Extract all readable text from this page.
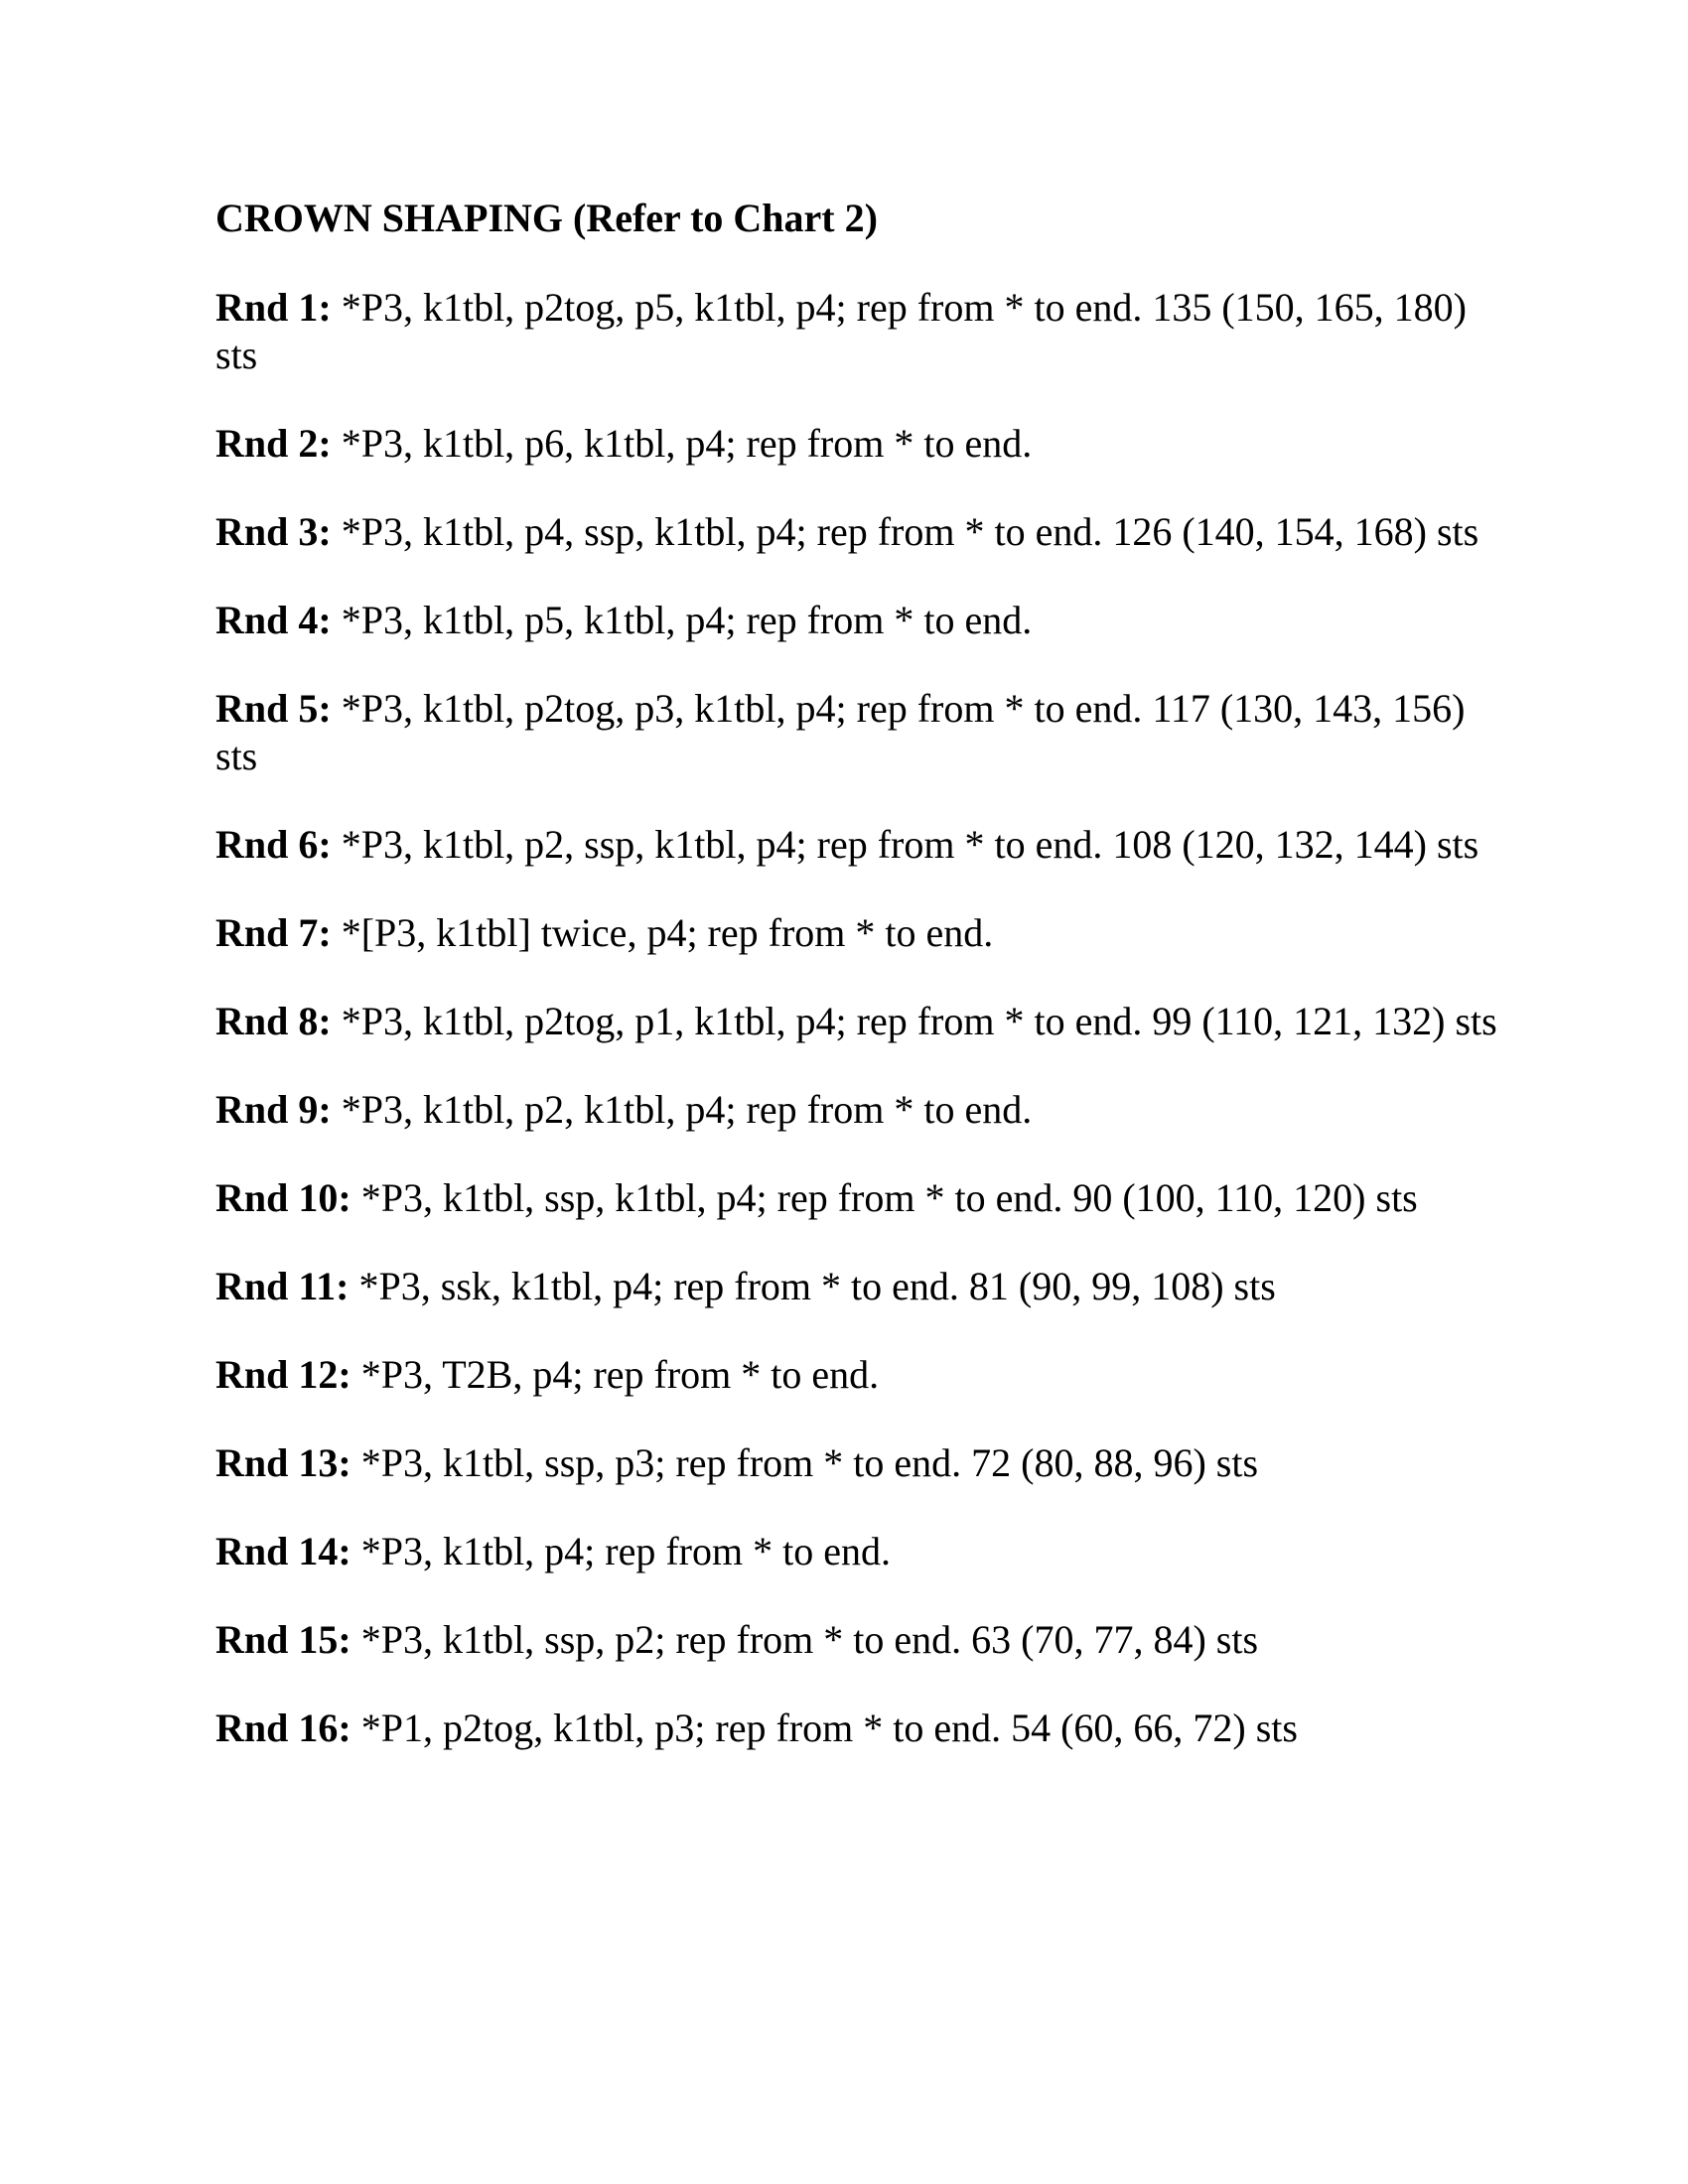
CROWN SHAPING (Refer to Chart 2)
Rnd 1: *P3, k1tbl, p2tog, p5, k1tbl, p4; rep from * to end. 135 (150, 165, 180) sts
Rnd 2: *P3, k1tbl, p6, k1tbl, p4; rep from * to end.
Rnd 3: *P3, k1tbl, p4, ssp, k1tbl, p4; rep from * to end. 126 (140, 154, 168) sts
Rnd 4: *P3, k1tbl, p5, k1tbl, p4; rep from * to end.
Rnd 5: *P3, k1tbl, p2tog, p3, k1tbl, p4; rep from * to end. 117 (130, 143, 156) sts
Rnd 6: *P3, k1tbl, p2, ssp, k1tbl, p4; rep from * to end. 108 (120, 132, 144) sts
Rnd 7: *[P3, k1tbl] twice, p4; rep from * to end.
Rnd 8: *P3, k1tbl, p2tog, p1, k1tbl, p4; rep from * to end. 99 (110, 121, 132) sts
Rnd 9: *P3, k1tbl, p2, k1tbl, p4; rep from * to end.
Rnd 10: *P3, k1tbl, ssp, k1tbl, p4; rep from * to end. 90 (100, 110, 120) sts
Rnd 11: *P3, ssk, k1tbl, p4; rep from * to end. 81 (90, 99, 108) sts
Rnd 12: *P3, T2B, p4; rep from * to end.
Rnd 13: *P3, k1tbl, ssp, p3; rep from * to end. 72 (80, 88, 96) sts
Rnd 14: *P3, k1tbl, p4; rep from * to end.
Rnd 15: *P3, k1tbl, ssp, p2; rep from * to end. 63 (70, 77, 84) sts
Rnd 16: *P1, p2tog, k1tbl, p3; rep from * to end. 54 (60, 66, 72) sts
